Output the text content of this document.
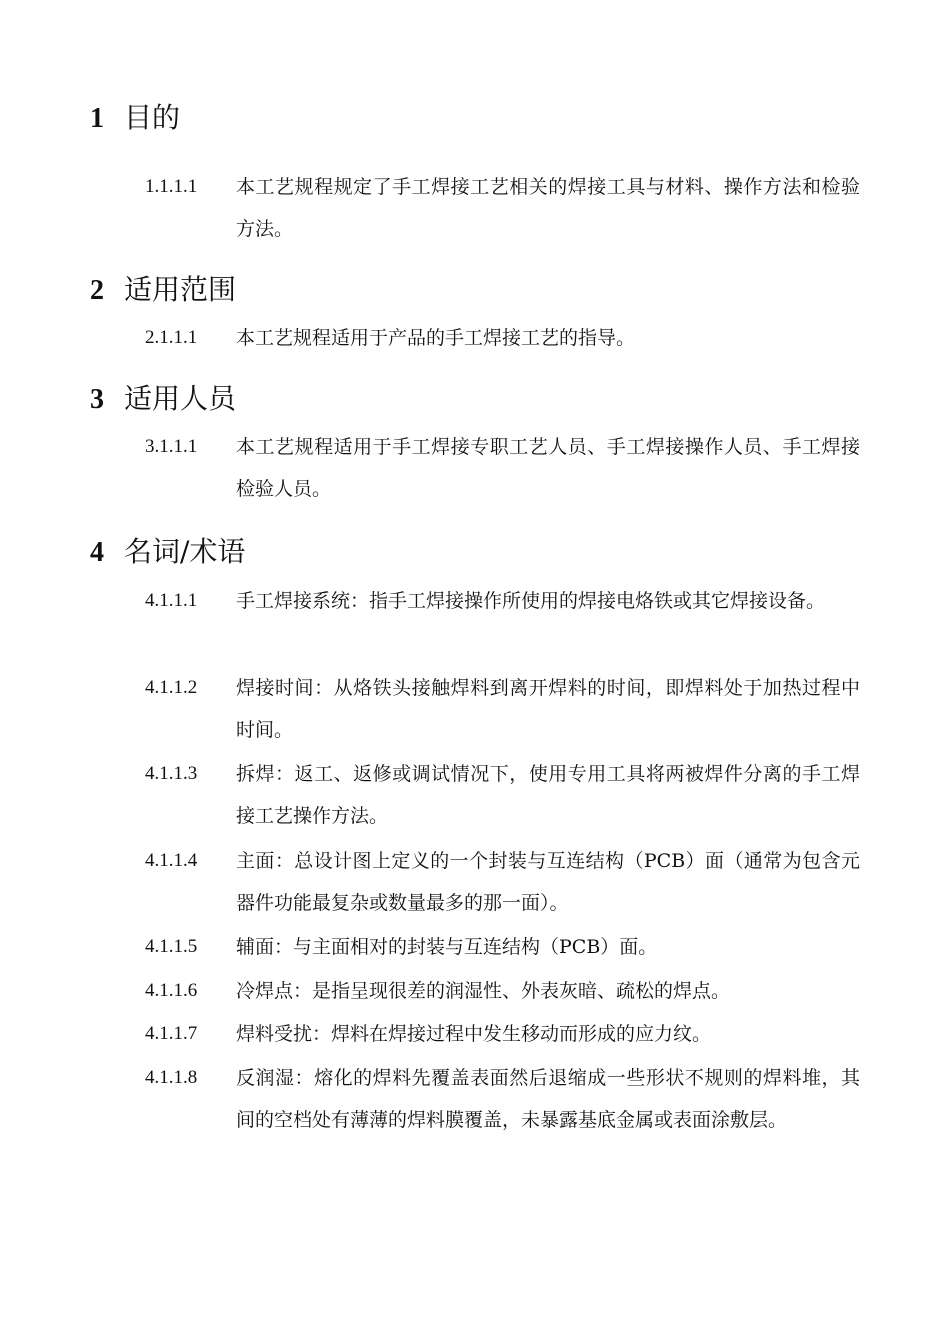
1 目的
1.1.1.1	本工艺规程规定了手工焊接工艺相关的焊接工具与材料、操作方法和检验方法。
2 适用范围
2.1.1.1	本工艺规程适用于产品的手工焊接工艺的指导。
3 适用人员
3.1.1.1	本工艺规程适用于手工焊接专职工艺人员、手工焊接操作人员、手工焊接检验人员。
4 名词/术语
4.1.1.1	手工焊接系统：指手工焊接操作所使用的焊接电烙铁或其它焊接设备。
4.1.1.2	焊接时间：从烙铁头接触焊料到离开焊料的时间，即焊料处于加热过程中时间。
4.1.1.3	拆焊：返工、返修或调试情况下，使用专用工具将两被焊件分离的手工焊接工艺操作方法。
4.1.1.4	主面：总设计图上定义的一个封装与互连结构（PCB）面（通常为包含元器件功能最复杂或数量最多的那一面）。
4.1.1.5	辅面：与主面相对的封装与互连结构（PCB）面。
4.1.1.6	冷焊点：是指呈现很差的润湿性、外表灰暗、疏松的焊点。
4.1.1.7	焊料受扰：焊料在焊接过程中发生移动而形成的应力纹。
4.1.1.8	反润湿：熔化的焊料先覆盖表面然后退缩成一些形状不规则的焊料堆，其间的空档处有薄薄的焊料膜覆盖，未暴露基底金属或表面涂敷层。
